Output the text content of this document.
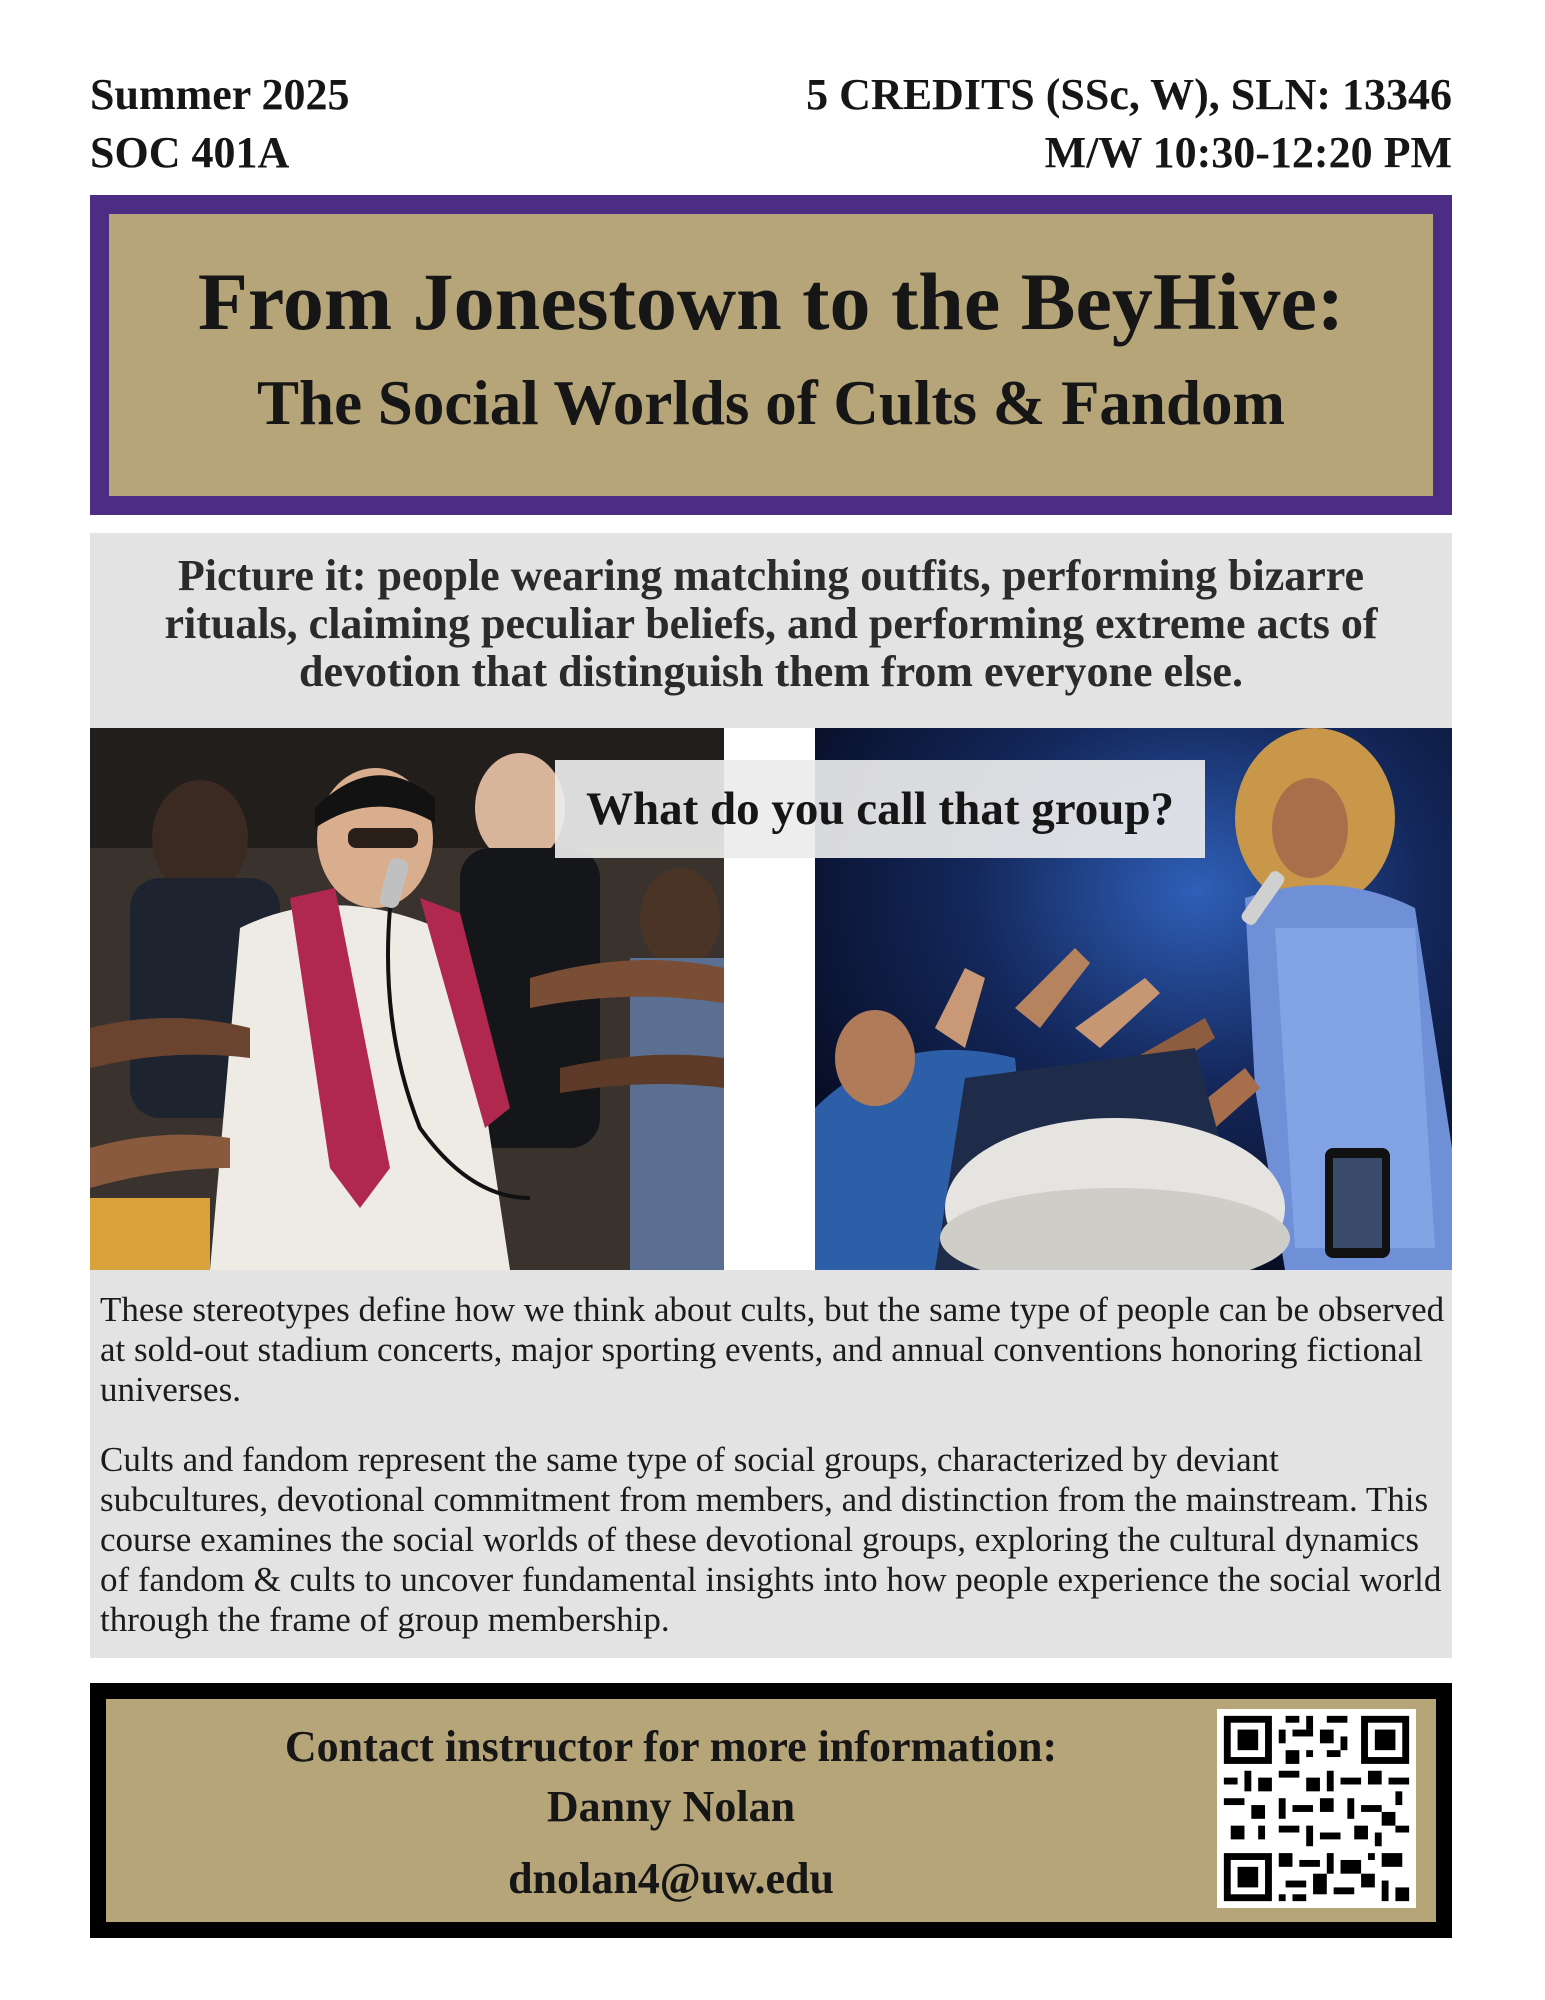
Summer 2025
SOC 401A
5 CREDITS (SSc, W), SLN: 13346
M/W 10:30-12:20 PM
From Jonestown to the BeyHive:
The Social Worlds of Cults & Fandom
Picture it: people wearing matching outfits, performing bizarre rituals, claiming peculiar beliefs, and performing extreme acts of devotion that distinguish them from everyone else.
What do you call that group?
These stereotypes define how we think about cults, but the same type of people can be observed at sold-out stadium concerts, major sporting events, and annual conventions honoring fictional universes.
Cults and fandom represent the same type of social groups, characterized by deviant subcultures, devotional commitment from members, and distinction from the mainstream. This course examines the social worlds of these devotional groups, exploring the cultural dynamics of fandom & cults to uncover fundamental insights into how people experience the social world through the frame of group membership.
Contact instructor for more information:
Danny Nolan
dnolan4@uw.edu
